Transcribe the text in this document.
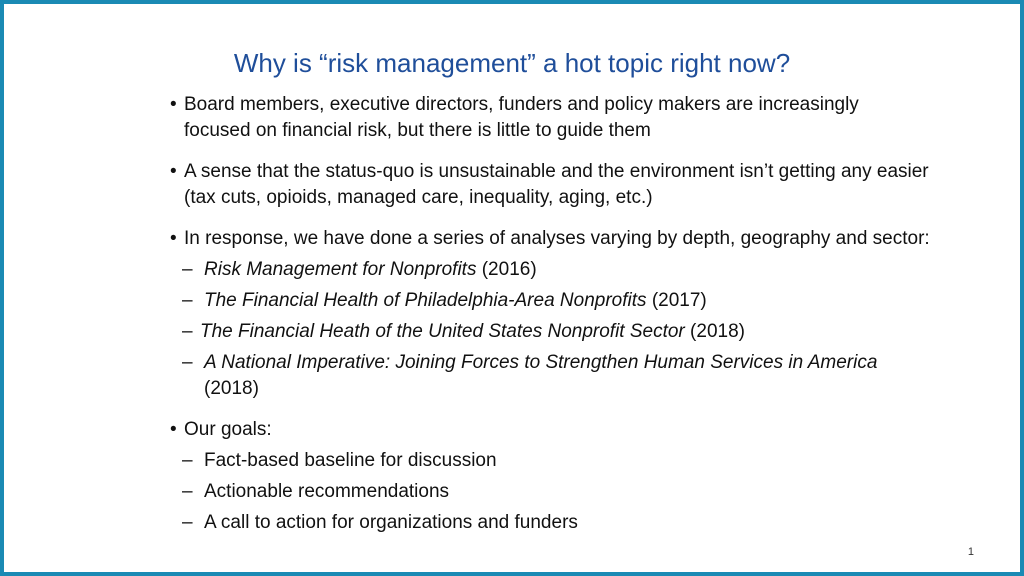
Why is “risk management” a hot topic right now?
• Board members, executive directors, funders and policy makers are increasingly focused on financial risk, but there is little to guide them
• A sense that the status-quo is unsustainable and the environment isn’t getting any easier (tax cuts, opioids, managed care, inequality, aging, etc.)
• In response, we have done a series of analyses varying by depth, geography and sector:
– Risk Management for Nonprofits (2016)
– The Financial Health of Philadelphia-Area Nonprofits (2017)
– The Financial Heath of the United States Nonprofit Sector (2018)
– A National Imperative: Joining Forces to Strengthen Human Services in America (2018)
• Our goals:
– Fact-based baseline for discussion
– Actionable recommendations
– A call to action for organizations and funders
1
